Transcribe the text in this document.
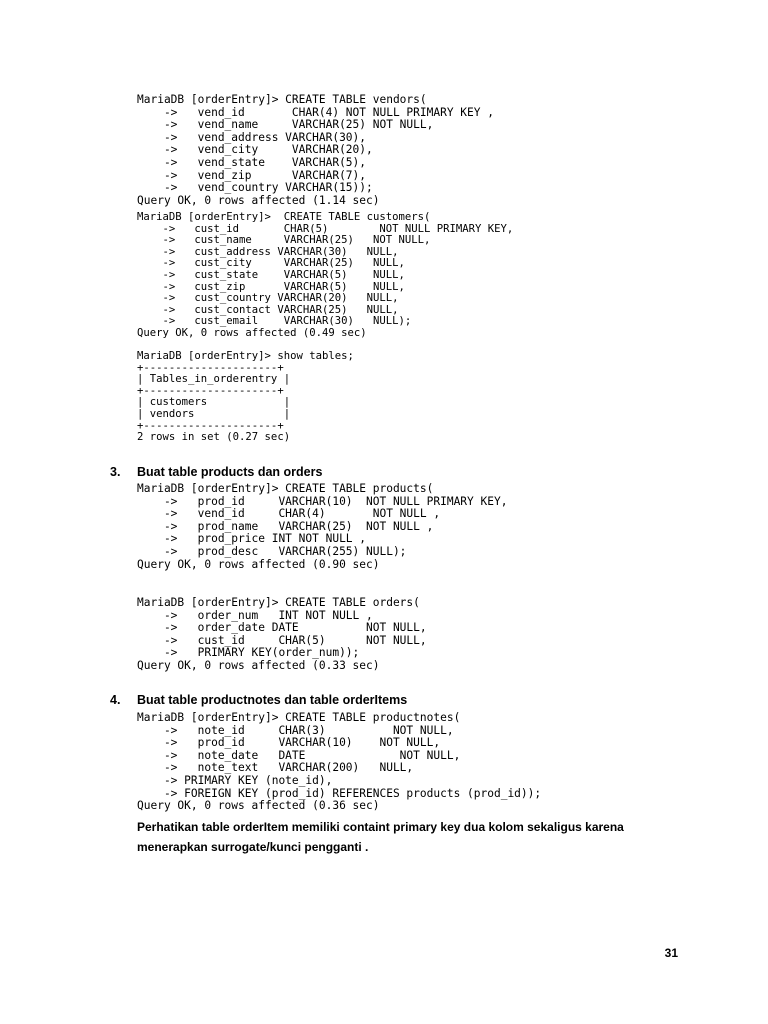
MariaDB [orderEntry]> CREATE TABLE vendors(
->   vend_id       CHAR(4) NOT NULL PRIMARY KEY ,
->   vend_name     VARCHAR(25) NOT NULL,
->   vend_address VARCHAR(30),
->   vend_city     VARCHAR(20),
->   vend_state    VARCHAR(5),
->   vend_zip      VARCHAR(7),
->   vend_country VARCHAR(15));
Query OK, 0 rows affected (1.14 sec)
MariaDB [orderEntry]>  CREATE TABLE customers(
->   cust_id       CHAR(5)        NOT NULL PRIMARY KEY,
->   cust_name     VARCHAR(25)   NOT NULL,
->   cust_address VARCHAR(30)   NULL,
->   cust_city     VARCHAR(25)   NULL,
->   cust_state    VARCHAR(5)    NULL,
->   cust_zip      VARCHAR(5)    NULL,
->   cust_country VARCHAR(20)   NULL,
->   cust_contact VARCHAR(25)   NULL,
->   cust_email    VARCHAR(30)   NULL);
Query OK, 0 rows affected (0.49 sec)
MariaDB [orderEntry]> show tables;
+---------------------+
| Tables_in_orderentry |
+---------------------+
| customers            |
| vendors              |
+---------------------+
2 rows in set (0.27 sec)
3. Buat table products dan orders
MariaDB [orderEntry]> CREATE TABLE products(
->   prod_id     VARCHAR(10)  NOT NULL PRIMARY KEY,
->   vend_id     CHAR(4)       NOT NULL ,
->   prod_name   VARCHAR(25)  NOT NULL ,
->   prod_price INT NOT NULL ,
->   prod_desc   VARCHAR(255) NULL);
Query OK, 0 rows affected (0.90 sec)
MariaDB [orderEntry]> CREATE TABLE orders(
->   order_num   INT NOT NULL ,
->   order_date DATE          NOT NULL,
->   cust_id     CHAR(5)      NOT NULL,
->   PRIMARY KEY(order_num));
Query OK, 0 rows affected (0.33 sec)
4. Buat table productnotes dan table orderItems
MariaDB [orderEntry]> CREATE TABLE productnotes(
->   note_id     CHAR(3)          NOT NULL,
->   prod_id     VARCHAR(10)    NOT NULL,
->   note_date   DATE              NOT NULL,
->   note_text   VARCHAR(200)   NULL,
-> PRIMARY KEY (note_id),
-> FOREIGN KEY (prod_id) REFERENCES products (prod_id));
Query OK, 0 rows affected (0.36 sec)
Perhatikan table orderItem memiliki containt primary key dua kolom sekaligus karena
menerapkan surrogate/kunci pengganti .
31
